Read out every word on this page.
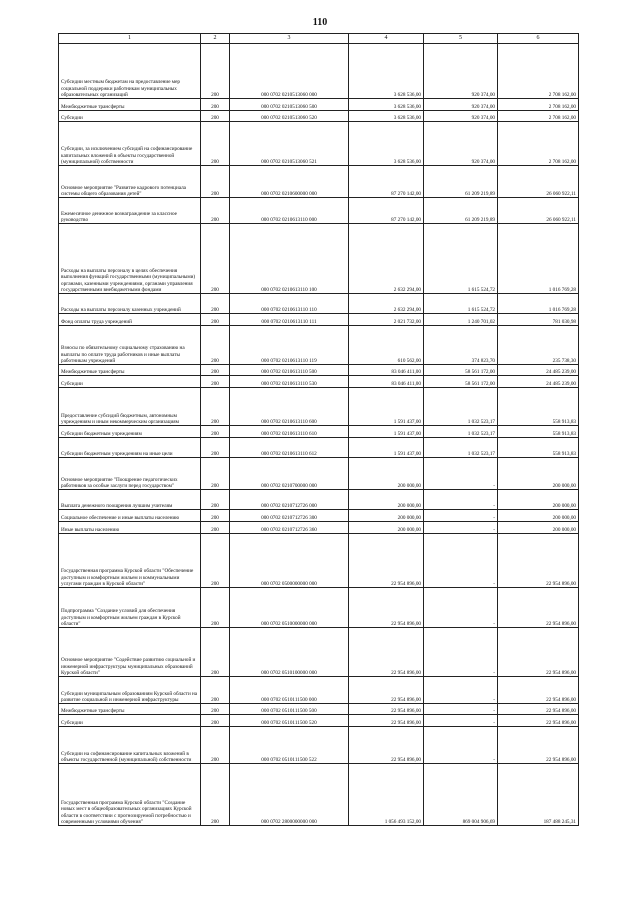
110
1	2	3	4	5	6
Субсидии местным бюджетам на предоставление мер социальной поддержки работникам муниципальных образовательных организаций	200	000 0702 0210513060 000	3 628 536,00	920 374,00	2 708 162,00
Межбюджетные трансферты	200	000 0702 0210513060 500	3 628 536,00	920 374,00	2 708 162,00
Субсидии	200	000 0702 0210513060 520	3 628 536,00	920 374,00	2 708 162,00
Субсидии, за исключением субсидий на софинансирование капитальных вложений в объекты государственной (муниципальной) собственности	200	000 0702 0210513060 521	3 628 536,00	920 374,00	2 708 162,00
Основное мероприятие "Развитие кадрового потенциала системы общего образования детей"	200	000 0702 0210600000 000	87 270 142,00	61 209 219,89	26 060 922,11
Ежемесячное денежное вознаграждение за классное руководство	200	000 0702 0210613110 000	87 270 142,00	61 209 219,89	26 060 922,11
Расходы на выплаты персоналу в целях обеспечения выполнения функций государственными (муниципальными) органами, казенными учреждениями, органами управления государственными внебюджетными фондами	200	000 0702 0210613110 100	2 632 294,00	1 615 524,72	1 016 769,28
Расходы на выплаты персоналу казенных учреждений	200	000 0702 0210613110 110	2 632 294,00	1 615 524,72	1 016 769,28
Фонд оплаты труда учреждений	200	000 0702 0210613110 111	2 021 732,00	1 240 701,02	781 030,98
Взносы по обязательному социальному страхованию на выплаты по оплате труда работников и иные выплаты работникам учреждений	200	000 0702 0210613110 119	610 562,00	374 823,70	235 738,30
Межбюджетные трансферты	200	000 0702 0210613110 500	83 046 411,00	58 561 172,00	24 485 239,00
Субсидии	200	000 0702 0210613110 530	83 046 411,00	58 561 172,00	24 485 239,00
Предоставление субсидий бюджетным, автономным учреждениям и иным некоммерческим организациям	200	000 0702 0210613110 600	1 591 437,00	1 032 523,17	558 913,83
Субсидии бюджетным учреждениям	200	000 0702 0210613110 610	1 591 437,00	1 032 523,17	558 913,83
Субсидии бюджетным учреждениям на иные цели	200	000 0702 0210613110 612	1 591 437,00	1 032 523,17	558 913,83
Основное мероприятие "Поощрение педагогических работников за особые заслуги перед государством"	200	000 0702 0210700000 000	200 000,00	-	200 000,00
Выплата денежного поощрения лучшим учителям	200	000 0702 0210712726 000	200 000,00	-	200 000,00
Социальное обеспечение и иные выплаты населению	200	000 0702 0210712726 300	200 000,00	-	200 000,00
Иные выплаты населению	200	000 0702 0210712726 360	200 000,00	-	200 000,00
Государственная программа Курской области "Обеспечение доступным и комфортным жильем и коммунальными услугами граждан в Курской области"	200	000 0702 0500000000 000	22 954 896,00	-	22 954 896,00
Подпрограмма "Создание условий для обеспечения доступным и комфортным жильем граждан в Курской области"	200	000 0702 0510000000 000	22 954 896,00	-	22 954 896,00
Основное мероприятие "Содействие развитию социальной и инженерной инфраструктуры муниципальных образований Курской области"	200	000 0702 0510100000 000	22 954 896,00	-	22 954 896,00
Субсидии муниципальным образованиям Курской области на развитие социальной и инженерной инфраструктуры	200	000 0702 0510111500 000	22 954 896,00	-	22 954 896,00
Межбюджетные трансферты	200	000 0702 0510111500 500	22 954 896,00	-	22 954 896,00
Субсидии	200	000 0702 0510111500 520	22 954 896,00	-	22 954 896,00
Субсидии на софинансирование капитальных вложений в объекты государственной (муниципальной) собственности	200	000 0702 0510111500 522	22 954 896,00	-	22 954 896,00
Государственная программа Курской области "Создание новых мест в общеобразовательных организациях Курской области в соответствии с прогнозируемой потребностью и современными условиями обучения"	200	000 0702 2800000000 000	1 056 493 152,00	869 004 906,69	187 488 245,31
